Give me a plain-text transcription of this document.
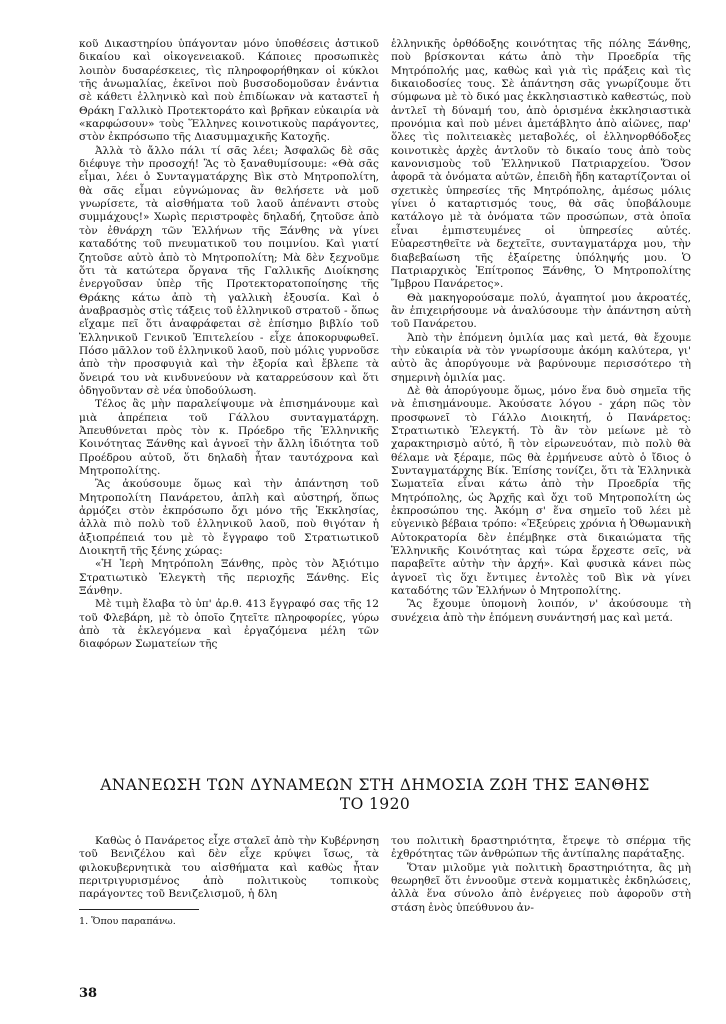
κοῦ Δικαστηρίου ὑπάγονταν μόνο ὑποθέσεις ἀστικοῦ δικαίου καὶ οἰκογενειακοῦ. Κάποιες προσωπικὲς λοιπὸν δυσαρέσκειες, τὶς πληροφορήθηκαν οἱ κύκλοι τῆς ἀνωμαλίας, ἐκεῖνοι ποὺ βυσσοδομοῦσαν ἐνάντια σὲ κάθετι ἑλληνικὸ καὶ ποὺ ἐπιδίωκαν νὰ καταστεῖ ἡ Θράκη Γαλλικὸ Προτεκτοράτο καὶ βρῆκαν εὐκαιρία νὰ «καρφώσουν» τοὺς Ἕλληνες κοινοτικοὺς παράγοντες, στὸν ἐκπρόσωπο τῆς Διασυμμαχικῆς Κατοχῆς.

Ἀλλὰ τὸ ἄλλο πάλι τί σᾶς λέει; Ἀσφαλῶς δὲ σᾶς διέφυγε τὴν προσοχή! Ἂς τὸ ξαναθυμίσουμε: «Θὰ σᾶς εἶμαι, λέει ὁ Συνταγματάρχης Βὶκ στὸ Μητροπολίτη, θὰ σᾶς εἶμαι εὐγνώμονας ἂν θελήσετε νὰ μοῦ γνωρίσετε, τὰ αἰσθήματα τοῦ λαοῦ ἀπέναντι στοὺς συμμάχους!» Χωρὶς περιστροφὲς δηλαδή, ζητοῦσε ἀπὸ τὸν ἐθνάρχη τῶν Ἑλλήνων τῆς Ξάνθης νὰ γίνει καταδότης τοῦ πνευματικοῦ του ποιμνίου. Καὶ γιατί ζητοῦσε αὐτὸ ἀπὸ τὸ Μητροπολίτη; Μὰ δὲν ξεχνοῦμε ὅτι τὰ κατώτερα ὄργανα τῆς Γαλλικῆς Διοίκησης ἐνεργοῦσαν ὑπὲρ τῆς Προτεκτορατοποίησης τῆς Θράκης κάτω ἀπὸ τὴ γαλλικὴ ἐξουσία. Καὶ ὁ ἀναβρασμὸς στὶς τάξεις τοῦ ἑλληνικοῦ στρατοῦ - ὅπως εἴχαμε πεῖ ὅτι ἀναφράφεται σὲ ἐπίσημο βιβλίο τοῦ Ἑλληνικοῦ Γενικοῦ Ἐπιτελείου - εἶχε ἀποκορυφωθεῖ. Πόσο μᾶλλον τοῦ ἑλληνικοῦ λαοῦ, ποὺ μόλις γυρνοῦσε ἀπὸ τὴν προσφυγιὰ καὶ τὴν ἐξορία καὶ ἔβλεπε τὰ ὄνειρά του νὰ κινδυνεύουν νὰ καταρρεύσουν καὶ ὅτι ὁδηγοῦνταν σὲ νέα ὑποδούλωση.

Τέλος ἂς μὴν παραλείψουμε νὰ ἐπισημάνουμε καὶ μιὰ ἀπρέπεια τοῦ Γάλλου συνταγματάρχη. Ἀπευθύνεται πρὸς τὸν κ. Πρόεδρο τῆς Ἑλληνικῆς Κοινότητας Ξάνθης καὶ ἀγνοεῖ τὴν ἄλλη ἰδιότητα τοῦ Προέδρου αὐτοῦ, ὅτι δηλαδὴ ἦταν ταυτόχρονα καὶ Μητροπολίτης.

Ἂς ἀκούσουμε ὅμως καὶ τὴν ἀπάντηση τοῦ Μητροπολίτη Πανάρετου, ἁπλὴ καὶ αὐστηρή, ὅπως ἁρμόζει στὸν ἐκπρόσωπο ὄχι μόνο τῆς Ἐκκλησίας, ἀλλὰ πιὸ πολὺ τοῦ ἑλληνικοῦ λαοῦ, ποὺ θιγόταν ἡ ἀξιοπρέπειά του μὲ τὸ ἔγγραφο τοῦ Στρατιωτικοῦ Διοικητῆ τῆς ξένης χώρας:

«Ἡ Ἱερὴ Μητρόπολη Ξάνθης, πρὸς τὸν Ἀξιότιμο Στρατιωτικὸ Ἐλεγκτὴ τῆς περιοχῆς Ξάνθης. Εἰς Ξάνθην.

Μὲ τιμὴ ἔλαβα τὸ ὑπ' ἀρ.θ. 413 ἔγγραφό σας τῆς 12 τοῦ Φλεβάρη, μὲ τὸ ὁποῖο ζητεῖτε πληροφορίες, γύρω ἀπὸ τὰ ἐκλεγόμενα καὶ ἐργαζόμενα μέλη τῶν διαφόρων Σωματείων τῆς

ἑλληνικῆς ὀρθόδοξης κοινότητας τῆς πόλης Ξάνθης, ποὺ βρίσκονται κάτω ἀπὸ τὴν Προεδρία τῆς Μητρόπολής μας, καθὼς καὶ γιὰ τὶς πράξεις καὶ τὶς δικαιοδοσίες τους. Σὲ ἀπάντηση σᾶς γνωρίζουμε ὅτι σύμφωνα μὲ τὸ δικό μας ἐκκλησιαστικὸ καθεστώς, ποὺ ἀντλεῖ τὴ δύναμή του, ἀπὸ ὁρισμένα ἐκκλησιαστικὰ προνόμια καὶ ποὺ μένει ἀμετάβλητο ἀπὸ αἰῶνες, παρ' ὅλες τὶς πολιτειακὲς μεταβολές, οἱ ἑλληνορθόδοξες κοινοτικὲς ἀρχὲς ἀντλοῦν τὸ δικαίο τους ἀπὸ τοὺς κανονισμοὺς τοῦ Ἑλληνικοῦ Πατριαρχείου. Ὅσον ἀφορᾶ τὰ ὀνόματα αὐτῶν, ἐπειδὴ ἤδη καταρτίζονται οἱ σχετικὲς ὑπηρεσίες τῆς Μητρόπολης, ἀμέσως μόλις γίνει ὁ καταρτισμός τους, θὰ σᾶς ὑποβάλουμε κατάλογο μὲ τὰ ὀνόματα τῶν προσώπων, στὰ ὁποῖα εἶναι ἐμπιστευμένες οἱ ὑπηρεσίες αὐτές. Εὐαρεστηθεῖτε νὰ δεχτεῖτε, συνταγματάρχα μου, τὴν διαβεβαίωση τῆς ἐξαίρετης ὑπόληψής μου. Ὁ Πατριαρχικὸς Ἐπίτροπος Ξάνθης, Ὁ Μητροπολίτης Ἴμβρου Πανάρετος».

Θὰ μακηγορούσαμε πολύ, ἀγαπητοί μου ἀκροατές, ἂν ἐπιχειρήσουμε νὰ ἀναλύσουμε τὴν ἀπάντηση αὐτὴ τοῦ Πανάρετου.

Ἀπὸ τὴν ἑπόμενη ὁμιλία μας καὶ μετά, θὰ ἔχουμε τὴν εὐκαιρία νὰ τὸν γνωρίσουμε ἀκόμη καλύτερα, γι' αὐτὸ ἂς ἀπορύγουμε νὰ βαρύνουμε περισσότερο τὴ σημερινὴ ὁμιλία μας.

Δὲ θὰ ἀπορύγουμε ὅμως, μόνο ἕνα δυὸ σημεῖα τῆς νὰ ἐπισημάνουμε. Ἀκούσατε λόγου - χάρη πῶς τὸν προσφωνεῖ τὸ Γάλλο Διοικητή, ὁ Πανάρετος: Στρατιωτικὸ Ἐλεγκτή. Τὸ ἂν τὸν μείωνε μὲ τὸ χαρακτηρισμὸ αὐτό, ἢ τὸν εἰρωνευόταν, πιὸ πολὺ θὰ θέλαμε νὰ ξέραμε, πῶς θὰ ἑρμήνευσε αὐτὸ ὁ ἴδιος ὁ Συνταγματάρχης Βίκ. Ἐπίσης τονίζει, ὅτι τὰ Ἑλληνικὰ Σωματεῖα εἶναι κάτω ἀπὸ τὴν Προεδρία τῆς Μητρόπολης, ὡς Ἀρχῆς καὶ ὄχι τοῦ Μητροπολίτη ὡς ἐκπροσώπου της. Ἀκόμη σ' ἕνα σημεῖο τοῦ λέει μὲ εὐγενικὸ βέβαια τρόπο: «Ἐξεύρεις χρόνια ἡ Ὀθωμανικὴ Αὐτοκρατορία δὲν ἐπέμβηκε στὰ δικαιώματα τῆς Ἑλληνικῆς Κοινότητας καὶ τώρα ἔρχεστε σεῖς, νὰ παραβεῖτε αὐτὴν τὴν ἀρχή». Καὶ φυσικὰ κάνει πὼς ἀγνοεῖ τὶς ὅχι ἔντιμες ἐντολὲς τοῦ Βὶκ νὰ γίνει καταδότης τῶν Ἑλλήνων ὁ Μητροπολίτης.

Ἂς ἔχουμε ὑπομονὴ λοιπόν, ν' ἀκούσουμε τὴ συνέχεια ἀπὸ τὴν ἑπόμενη συνάντησή μας καὶ μετά.

ΑΝΑΝΕΩΣΗ ΤΩΝ ΔΥΝΑΜΕΩΝ ΣΤΗ ΔΗΜΟΣΙΑ ΖΩΗ ΤΗΣ ΞΑΝΘΗΣ
ΤΟ 1920

Καθὼς ὁ Πανάρετος εἶχε σταλεῖ ἀπὸ τὴν Κυβέρνηση τοῦ Βενιζέλου καὶ δὲν εἶχε κρύψει ἴσως, τὰ φιλοκυβερνητικὰ του αἰσθήματα καὶ καθὼς ἦταν περιτριγυρισμένος ἀπὸ πολιτικοὺς τοπικοὺς παράγοντες τοῦ Βενιζελισμοῦ, ἡ δλη

του πολιτικὴ δραστηριότητα, ἔτρεψε τὸ σπέρμα τῆς ἐχθρότητας τῶν ἀνθρώπων τῆς ἀντίπαλης παράταξης.

Ὅταν μιλοῦμε γιὰ πολιτικὴ δραστηριότητα, ἂς μὴ θεωρηθεῖ ὅτι ἐννοοῦμε στενὰ κομματικὲς ἐκδηλώσεις, ἀλλὰ ἕνα σύνολο ἀπὸ ἐνέργειες ποὺ ἀφοροῦν στὴ στάση ἑνὸς ὑπεύθυνου ἀν-

1. Ὅπου παραπάνω.
38
